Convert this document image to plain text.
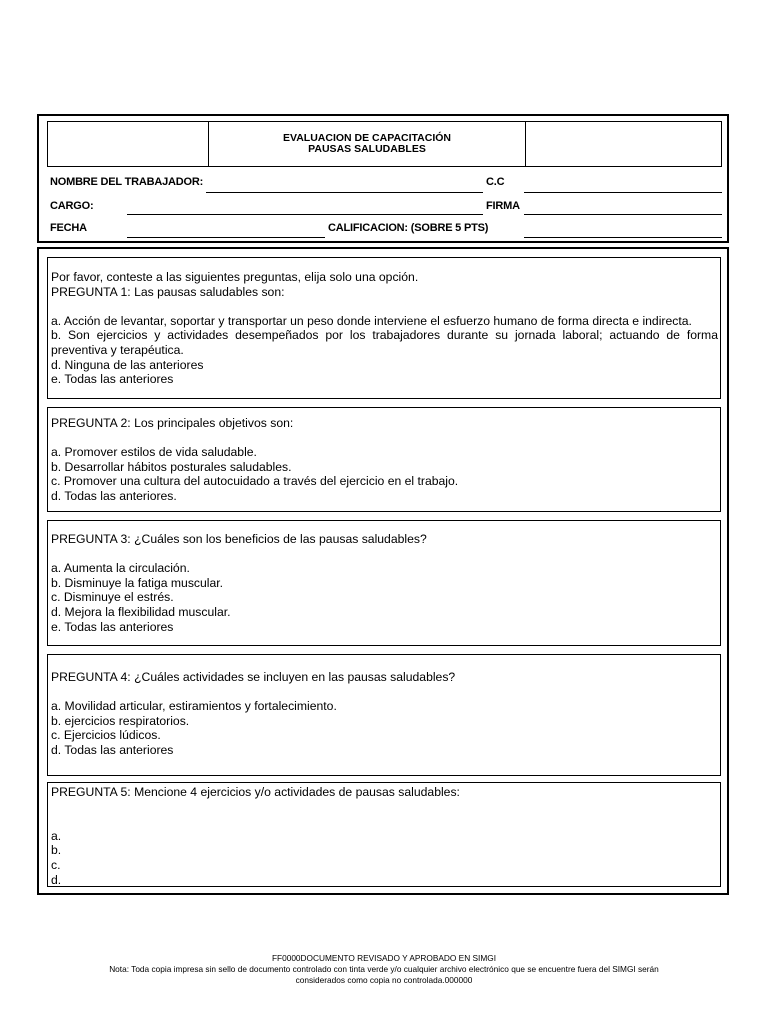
EVALUACION DE CAPACITACIÓN
PAUSAS SALUDABLES
NOMBRE DEL TRABAJADOR:	C.C
CARGO:	FIRMA
FECHA	CALIFICACION: (SOBRE 5 PTS)

Por favor, conteste a las siguientes preguntas, elija solo una opción.

PREGUNTA 1: Las pausas saludables son:

a. Acción de levantar, soportar y transportar un peso donde interviene el esfuerzo humano de forma directa e indirecta.

b. Son ejercicios y actividades desempeñados por los trabajadores durante su jornada laboral; actuando de forma preventiva y terapéutica.

d. Ninguna de las anteriores

e. Todas las anteriores

PREGUNTA 2: Los principales objetivos son:

a. Promover estilos de vida saludable.

b. Desarrollar hábitos posturales saludables.

c. Promover una cultura del autocuidado a través del ejercicio en el trabajo.

d. Todas las anteriores.

PREGUNTA 3: ¿Cuáles son los beneficios de las pausas saludables?

a. Aumenta la circulación.

b. Disminuye la fatiga muscular.

c. Disminuye el estrés.

d. Mejora la flexibilidad muscular.

e. Todas las anteriores

PREGUNTA 4: ¿Cuáles actividades se incluyen en las pausas saludables?

a. Movilidad articular, estiramientos y fortalecimiento.

b. ejercicios respiratorios.

c. Ejercicios lúdicos.

d. Todas las anteriores

PREGUNTA 5: Mencione 4 ejercicios y/o actividades de pausas saludables:

a.

b.

c.

d.

FF0000DOCUMENTO REVISADO Y APROBADO EN SIMGI
Nota: Toda copia impresa sin sello de documento controlado con tinta verde y/o cualquier archivo electrónico que se encuentre fuera del SIMGI serán
considerados como copia no controlada.000000
